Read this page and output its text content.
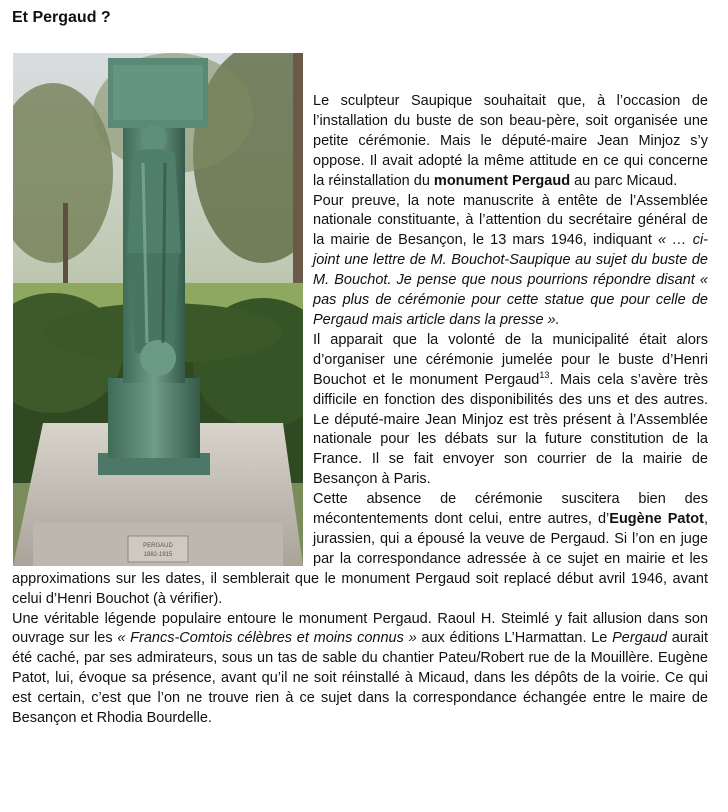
Et Pergaud ?
PERGAUD
1882-1915

Le sculpteur Saupique souhaitait que, à l’occasion de l’installation du buste de son beau-père, soit organisée une petite cérémonie. Mais le député-maire Jean Minjoz s’y oppose. Il avait adopté la même attitude en ce qui concerne la réinstallation du monument Pergaud au parc Micaud.

Pour preuve, la note manuscrite à entête de l’Assemblée nationale constituante, à l’attention du secrétaire général de la mairie de Besançon, le 13 mars 1946, indiquant « … ci-joint une lettre de M. Bouchot-Saupique au sujet du buste de M. Bouchot. Je pense que nous pourrions répondre disant « pas plus de cérémonie pour cette statue que pour celle de Pergaud mais article dans la presse ».

Il apparait que la volonté de la municipalité était alors d’organiser une cérémonie jumelée pour le buste d’Henri Bouchot et le monument Pergaud$^{13}$. Mais cela s’avère très difficile en fonction des disponibilités des uns et des autres. Le député-maire Jean Minjoz est très présent à l’Assemblée nationale pour les débats sur la future constitution de la France. Il se fait envoyer son courrier de la mairie de Besançon à Paris.

Cette absence de cérémonie suscitera bien des mécontentements dont celui, entre autres, d’Eugène Patot, jurassien, qui a épousé la veuve de Pergaud. Si l’on en juge par la correspondance adressée à ce sujet en mairie et les approximations sur les dates, il semblerait que le monument Pergaud soit replacé début avril 1946, avant celui d’Henri Bouchot (à vérifier).

Une véritable légende populaire entoure le monument Pergaud. Raoul H. Steimlé y fait allusion dans son ouvrage sur les « Francs-Comtois célèbres et moins connus » aux éditions L’Harmattan. Le Pergaud aurait été caché, par ses admirateurs, sous un tas de sable du chantier Pateu/Robert rue de la Mouillère. Eugène Patot, lui, évoque sa présence, avant qu’il ne soit réinstallé à Micaud, dans les dépôts de la voirie. Ce qui est certain, c’est que l’on ne trouve rien à ce sujet dans la correspondance échangée entre le maire de Besançon et Rhodia Bourdelle.
